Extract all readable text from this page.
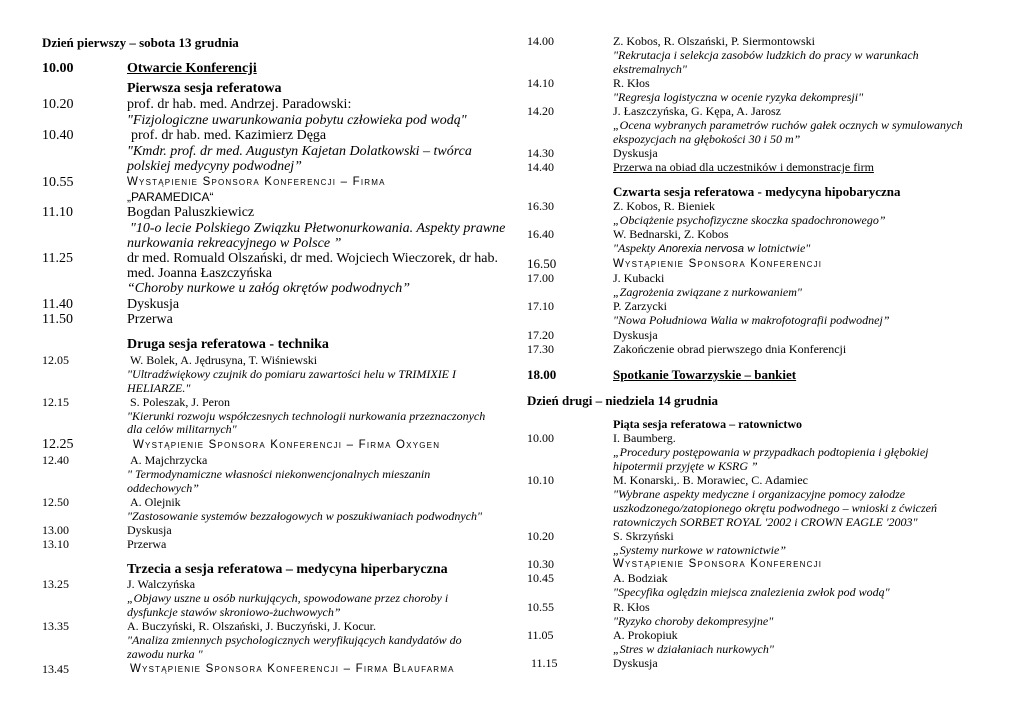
Dzień pierwszy – sobota 13 grudnia
10.00	Otwarcie Konferencji
Pierwsza sesja referatowa
10.20	prof. dr hab. med. Andrzej. Paradowski:
"Fizjologiczne uwarunkowania pobytu człowieka pod wodą"
10.40	prof. dr hab. med. Kazimierz Dęga
"Kmdr. prof. dr med. Augustyn Kajetan Dolatkowski – twórca
polskiej medycyny podwodnej”
10.55	Wystąpienie Sponsora Konferencji – Firma
„PARAMEDICA“
11.10	Bogdan Paluszkiewicz
"10-o lecie Polskiego Związku Płetwonurkowania. Aspekty prawne
nurkowania rekreacyjnego w Polsce ”
11.25	dr med. Romuald Olszański, dr med. Wojciech Wieczorek, dr hab.
med. Joanna Łaszczyńska
“Choroby nurkowe u załóg okrętów podwodnych”
11.40	Dyskusja
11.50	Przerwa
Druga sesja referatowa - technika
12.05	W. Bolek, A. Jędrusyna, T. Wiśniewski
"Ultradźwiękowy czujnik do pomiaru zawartości helu w TRIMIXIE I
HELIARZE."
12.15	S. Poleszak, J. Peron
"Kierunki rozwoju współczesnych technologii nurkowania przeznaczonych
dla celów militarnych"
12.25	Wystąpienie Sponsora Konferencji – Firma Oxygen
12.40	A. Majchrzycka
" Termodynamiczne własności niekonwencjonalnych mieszanin
oddechowych”
12.50	A. Olejnik
"Zastosowanie systemów bezzałogowych w poszukiwaniach podwodnych"
13.00	Dyskusja
13.10	Przerwa
Trzecia a sesja referatowa – medycyna hiperbaryczna
13.25	J. Walczyńska
„Objawy uszne u osób nurkujących, spowodowane przez choroby i
dysfunkcje stawów skroniowo-żuchwowych”
13.35	A. Buczyński, R. Olszański, J. Buczyński, J. Kocur.
"Analiza zmiennych psychologicznych weryfikujących kandydatów do
zawodu nurka "
13.45	Wystąpienie Sponsora Konferencji – Firma Blaufarma
14.00	Z. Kobos, R. Olszański, P. Siermontowski
"Rekrutacja i selekcja zasobów ludzkich do pracy w warunkach
ekstremalnych"
14.10	R. Kłos
"Regresja logistyczna w ocenie ryzyka dekompresji"
14.20	J. Łaszczyńska, G. Kępa, A. Jarosz
„Ocena wybranych parametrów ruchów gałek ocznych w symulowanych
ekspozycjach na głębokości 30 i 50 m”
14.30	Dyskusja
14.40	Przerwa na obiad dla uczestników i demonstracje firm
Czwarta sesja referatowa - medycyna hipobaryczna
16.30	Z. Kobos, R. Bieniek
„Obciążenie psychofizyczne skoczka spadochronowego”
16.40	W. Bednarski, Z. Kobos
"Aspekty Anorexia nervosa w lotnictwie"
16.50	Wystąpienie Sponsora Konferencji
17.00	J. Kubacki
„Zagrożenia związane z nurkowaniem"
17.10	P. Zarzycki
"Nowa Południowa Walia w makrofotografii podwodnej”
17.20	Dyskusja
17.30	Zakończenie obrad pierwszego dnia Konferencji
18.00	Spotkanie Towarzyskie – bankiet
Dzień drugi – niedziela 14 grudnia
Piąta sesja referatowa – ratownictwo
10.00	I. Baumberg.
„Procedury postępowania w przypadkach podtopienia i głębokiej
hipotermii przyjęte w KSRG ”
10.10	M. Konarski,. B. Morawiec, C. Adamiec
"Wybrane aspekty medyczne i organizacyjne pomocy załodze
uszkodzonego/zatopionego okrętu podwodnego – wnioski z ćwiczeń
ratowniczych SORBET ROYAL '2002 i CROWN EAGLE '2003"
10.20	S. Skrzyński
„Systemy nurkowe w ratownictwie”
10.30	Wystąpienie Sponsora Konferencji
10.45	A. Bodziak
"Specyfika oględzin miejsca znalezienia zwłok pod wodą"
10.55	R. Kłos
"Ryzyko choroby dekompresyjne"
11.05	A. Prokopiuk
„Stres w działaniach nurkowych"
11.15	Dyskusja
